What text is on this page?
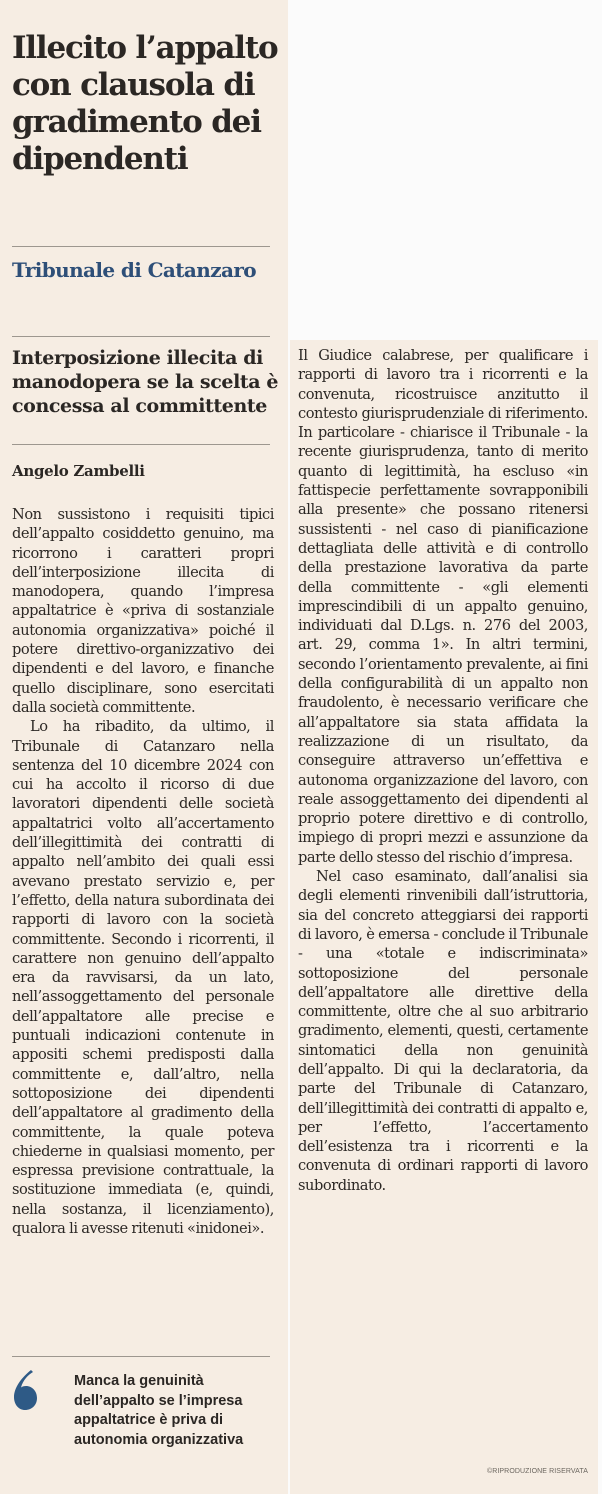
Illecito l’appalto con clausola di gradimento dei dipendenti
Tribunale di Catanzaro
Interposizione illecita di manodopera se la scelta è concessa al committente

Angelo Zambelli

Non sussistono i requisiti tipici dell’appalto cosiddetto genuino, ma ricorrono i caratteri propri dell’interposizione illecita di manodopera, quando l’impresa appaltatrice è «priva di sostanziale autonomia organizzativa» poiché il potere direttivo-organizzativo dei dipendenti e del lavoro, e finanche quello disciplinare, sono esercitati dalla società committente.

Lo ha ribadito, da ultimo, il Tribunale di Catanzaro nella sentenza del 10 dicembre 2024 con cui ha accolto il ricorso di due lavoratori dipendenti delle società appaltatrici volto all’accertamento dell’illegittimità dei contratti di appalto nell’ambito dei quali essi avevano prestato servizio e, per l’effetto, della natura subordinata dei rapporti di lavoro con la società committente. Secondo i ricorrenti, il carattere non genuino dell’appalto era da ravvisarsi, da un lato, nell’assoggettamento del personale dell’appaltatore alle precise e puntuali indicazioni contenute in appositi schemi predisposti dalla committente e, dall’altro, nella sottoposizione dei dipendenti dell’appaltatore al gradimento della committente, la quale poteva chiederne in qualsiasi momento, per espressa previsione contrattuale, la sostituzione immediata (e, quindi, nella sostanza, il licenziamento), qualora li avesse ritenuti «inidonei».

Manca la genuinità dell’appalto se l’impresa appaltatrice è priva di autonomia organizzativa

Il Giudice calabrese, per qualificare i rapporti di lavoro tra i ricorrenti e la convenuta, ricostruisce anzitutto il contesto giurisprudenziale di riferimento. In particolare - chiarisce il Tribunale - la recente giurisprudenza, tanto di merito quanto di legittimità, ha escluso «in fattispecie perfettamente sovrapponibili alla presente» che possano ritenersi sussistenti - nel caso di pianificazione dettagliata delle attività e di controllo della prestazione lavorativa da parte della committente - «gli elementi imprescindibili di un appalto genuino, individuati dal D.Lgs. n. 276 del 2003, art. 29, comma 1». In altri termini, secondo l’orientamento prevalente, ai fini della configurabilità di un appalto non fraudolento, è necessario verificare che all’appaltatore sia stata affidata la realizzazione di un risultato, da conseguire attraverso un’effettiva e autonoma organizzazione del lavoro, con reale assoggettamento dei dipendenti al proprio potere direttivo e di controllo, impiego di propri mezzi e assunzione da parte dello stesso del rischio d’impresa.

Nel caso esaminato, dall’analisi sia degli elementi rinvenibili dall’istruttoria, sia del concreto atteggiarsi dei rapporti di lavoro, è emersa - conclude il Tribunale - una «totale e indiscriminata» sottoposizione del personale dell’appaltatore alle direttive della committente, oltre che al suo arbitrario gradimento, elementi, questi, certamente sintomatici della non genuinità dell’appalto. Di qui la declaratoria, da parte del Tribunale di Catanzaro, dell’illegittimità dei contratti di appalto e, per l’effetto, l’accertamento dell’esistenza tra i ricorrenti e la convenuta di ordinari rapporti di lavoro subordinato.

©RIPRODUZIONE RISERVATA
